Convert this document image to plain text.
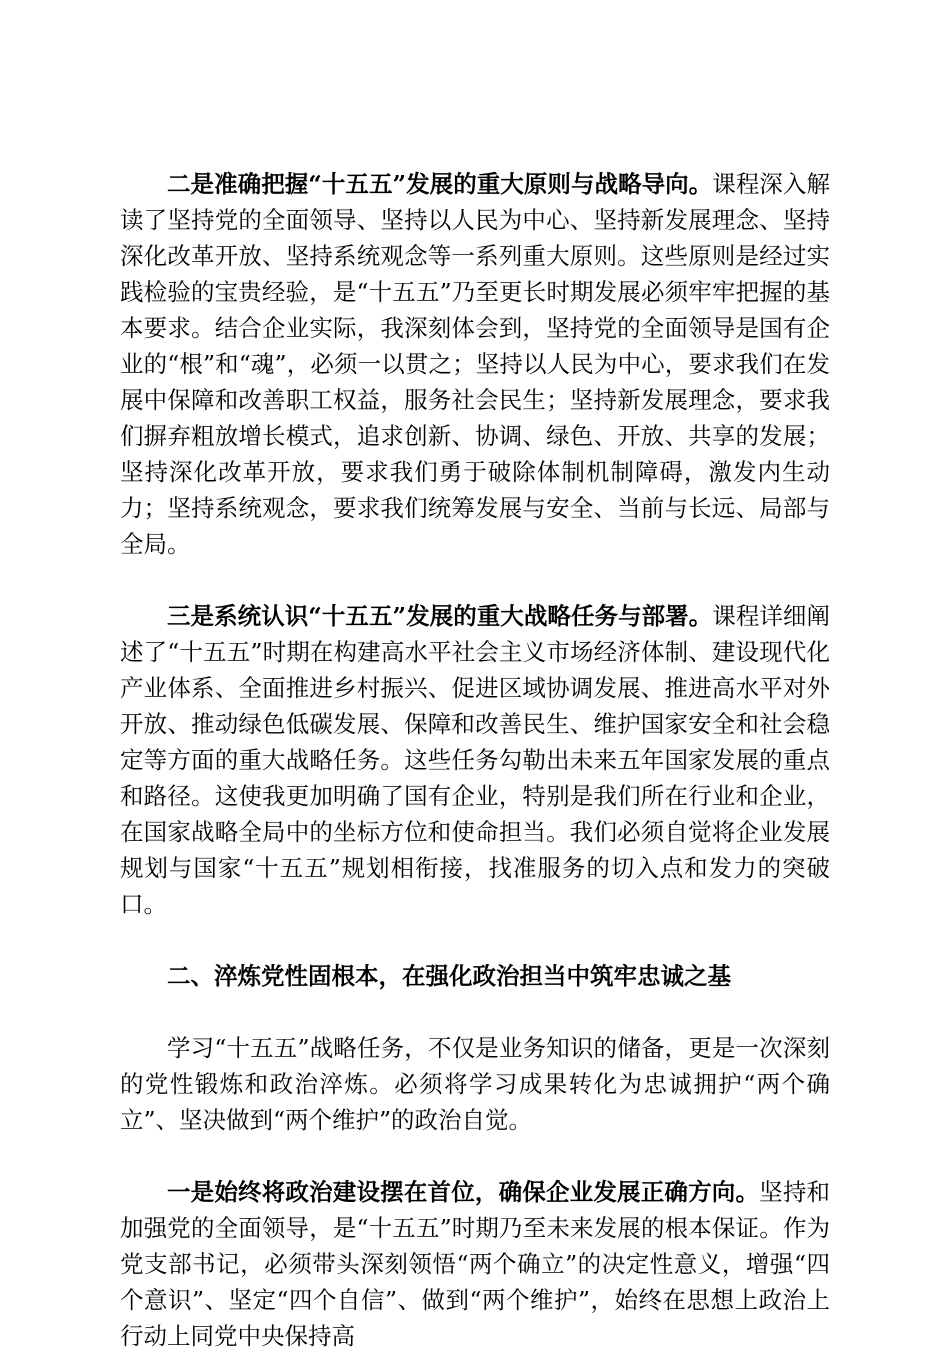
二是准确把握“十五五”发展的重大原则与战略导向。课程深入解读了坚持党的全面领导、坚持以人民为中心、坚持新发展理念、坚持深化改革开放、坚持系统观念等一系列重大原则。这些原则是经过实践检验的宝贵经验，是“十五五”乃至更长时期发展必须牢牢把握的基本要求。结合企业实际，我深刻体会到，坚持党的全面领导是国有企业的“根”和“魂”，必须一以贯之；坚持以人民为中心，要求我们在发展中保障和改善职工权益，服务社会民生；坚持新发展理念，要求我们摒弃粗放增长模式，追求创新、协调、绿色、开放、共享的发展；坚持深化改革开放，要求我们勇于破除体制机制障碍，激发内生动力；坚持系统观念，要求我们统筹发展与安全、当前与长远、局部与全局。

三是系统认识“十五五”发展的重大战略任务与部署。课程详细阐述了“十五五”时期在构建高水平社会主义市场经济体制、建设现代化产业体系、全面推进乡村振兴、促进区域协调发展、推进高水平对外开放、推动绿色低碳发展、保障和改善民生、维护国家安全和社会稳定等方面的重大战略任务。这些任务勾勒出未来五年国家发展的重点和路径。这使我更加明确了国有企业，特别是我们所在行业和企业，在国家战略全局中的坐标方位和使命担当。我们必须自觉将企业发展规划与国家“十五五”规划相衔接，找准服务的切入点和发力的突破口。

二、淬炼党性固根本，在强化政治担当中筑牢忠诚之基

学习“十五五”战略任务，不仅是业务知识的储备，更是一次深刻的党性锻炼和政治淬炼。必须将学习成果转化为忠诚拥护“两个确立”、坚决做到“两个维护”的政治自觉。

一是始终将政治建设摆在首位，确保企业发展正确方向。坚持和加强党的全面领导，是“十五五”时期乃至未来发展的根本保证。作为党支部书记，必须带头深刻领悟“两个确立”的决定性意义，增强“四个意识”、坚定“四个自信”、做到“两个维护”，始终在思想上政治上行动上同党中央保持高
